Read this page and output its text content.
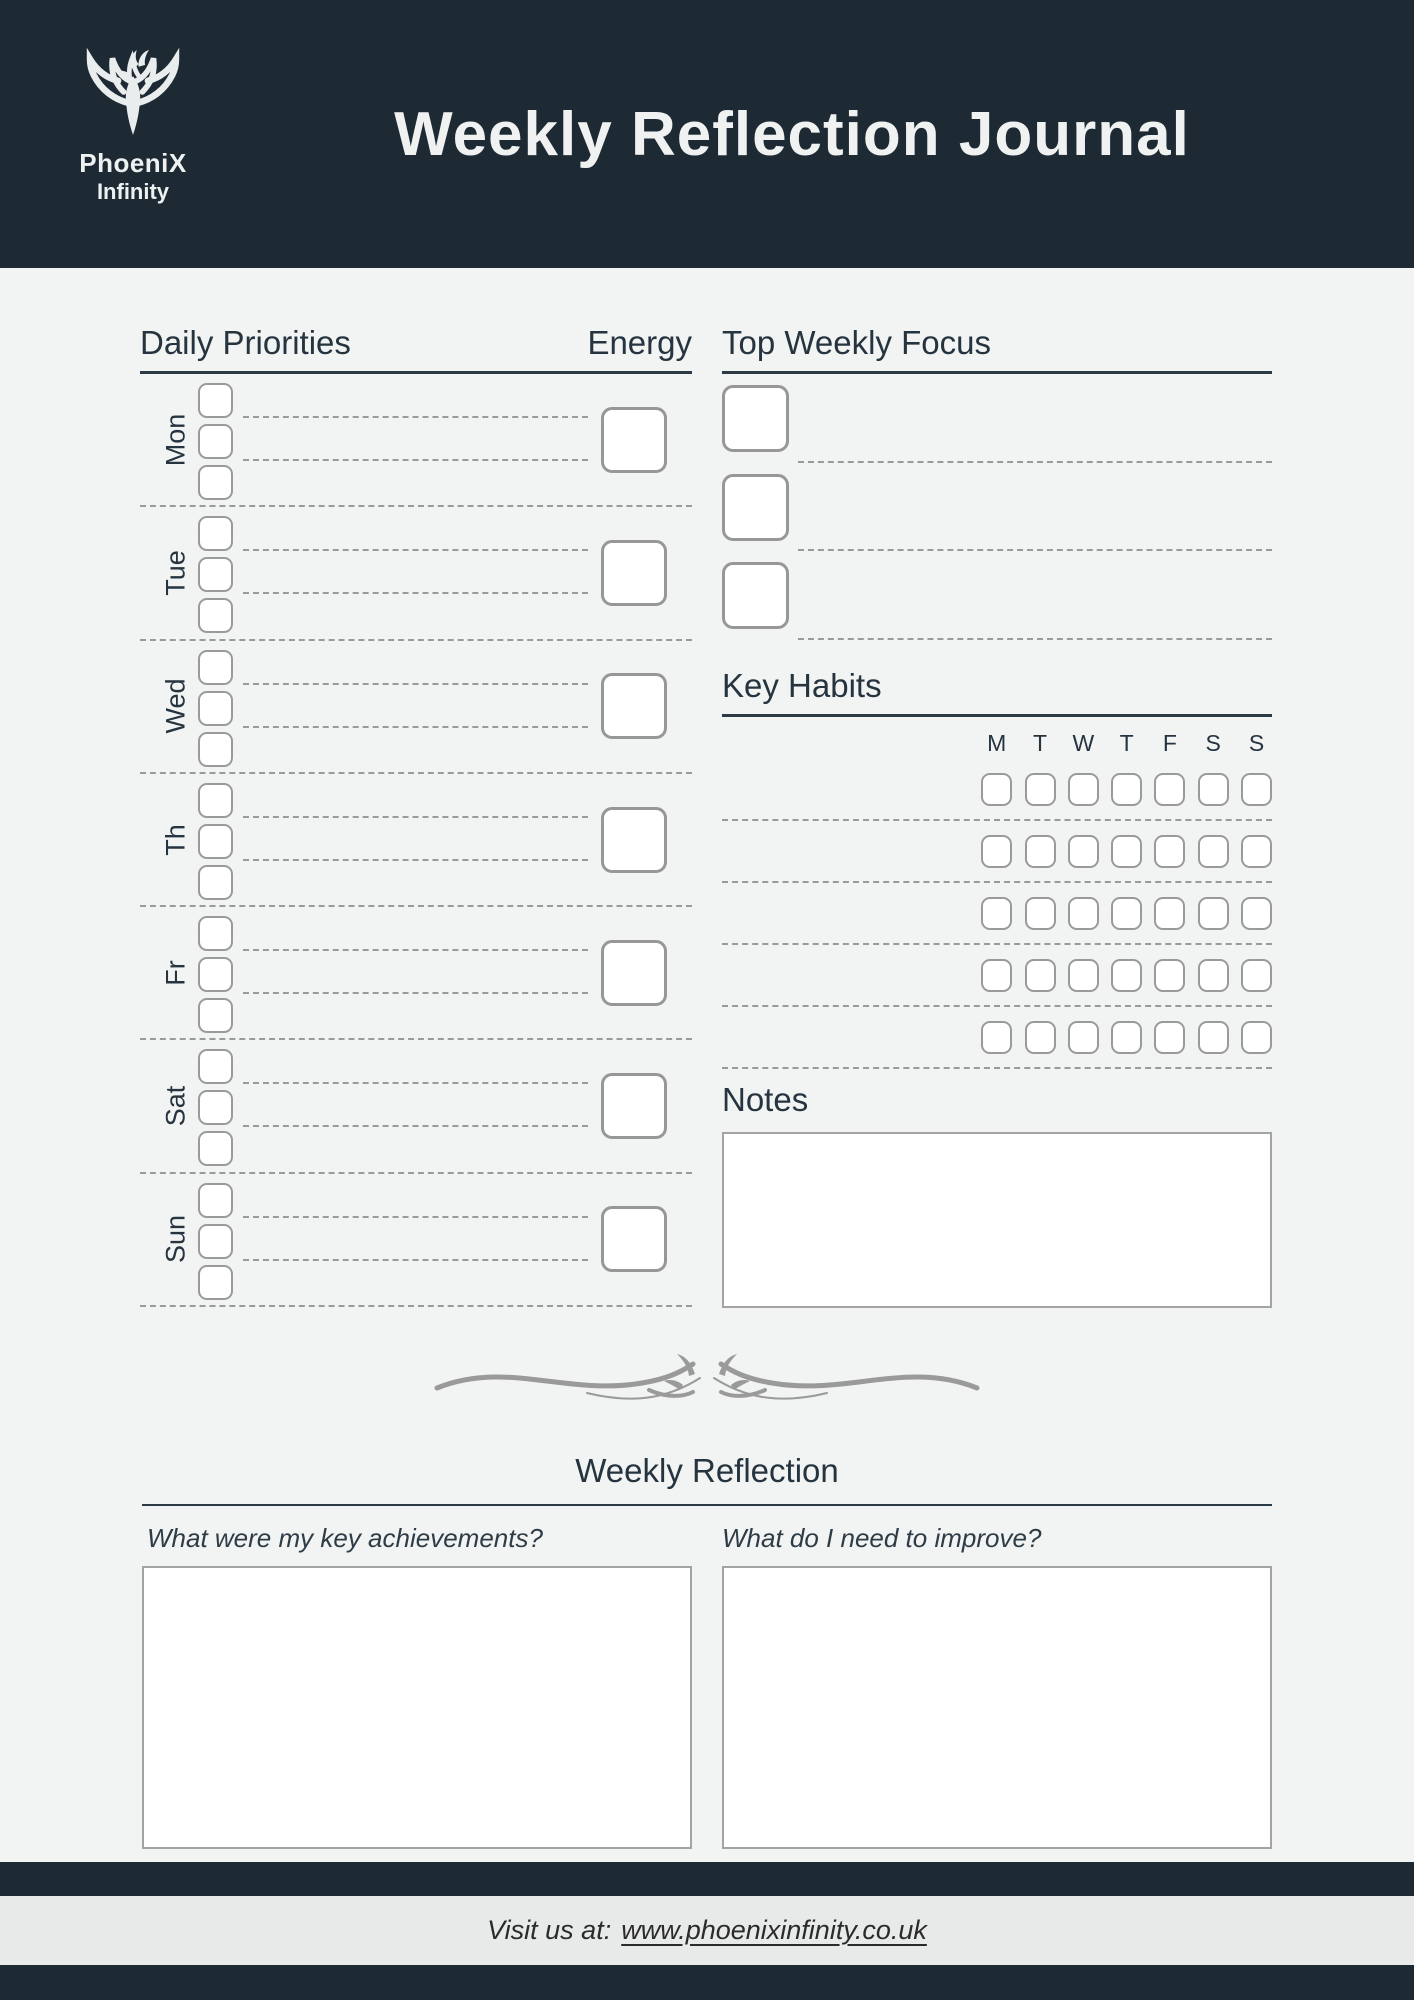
PhoeniX
Infinity
Weekly Reflection Journal
Daily Priorities	Energy
Mon
Tue
Wed
Th
Fr
Sat
Sun
Top Weekly Focus
Key Habits
M	T	W	T	F	S	S
Notes
Weekly Reflection
What were my key achievements?	What do I need to improve?
Visit us at: www.phoenixinfinity.co.uk
